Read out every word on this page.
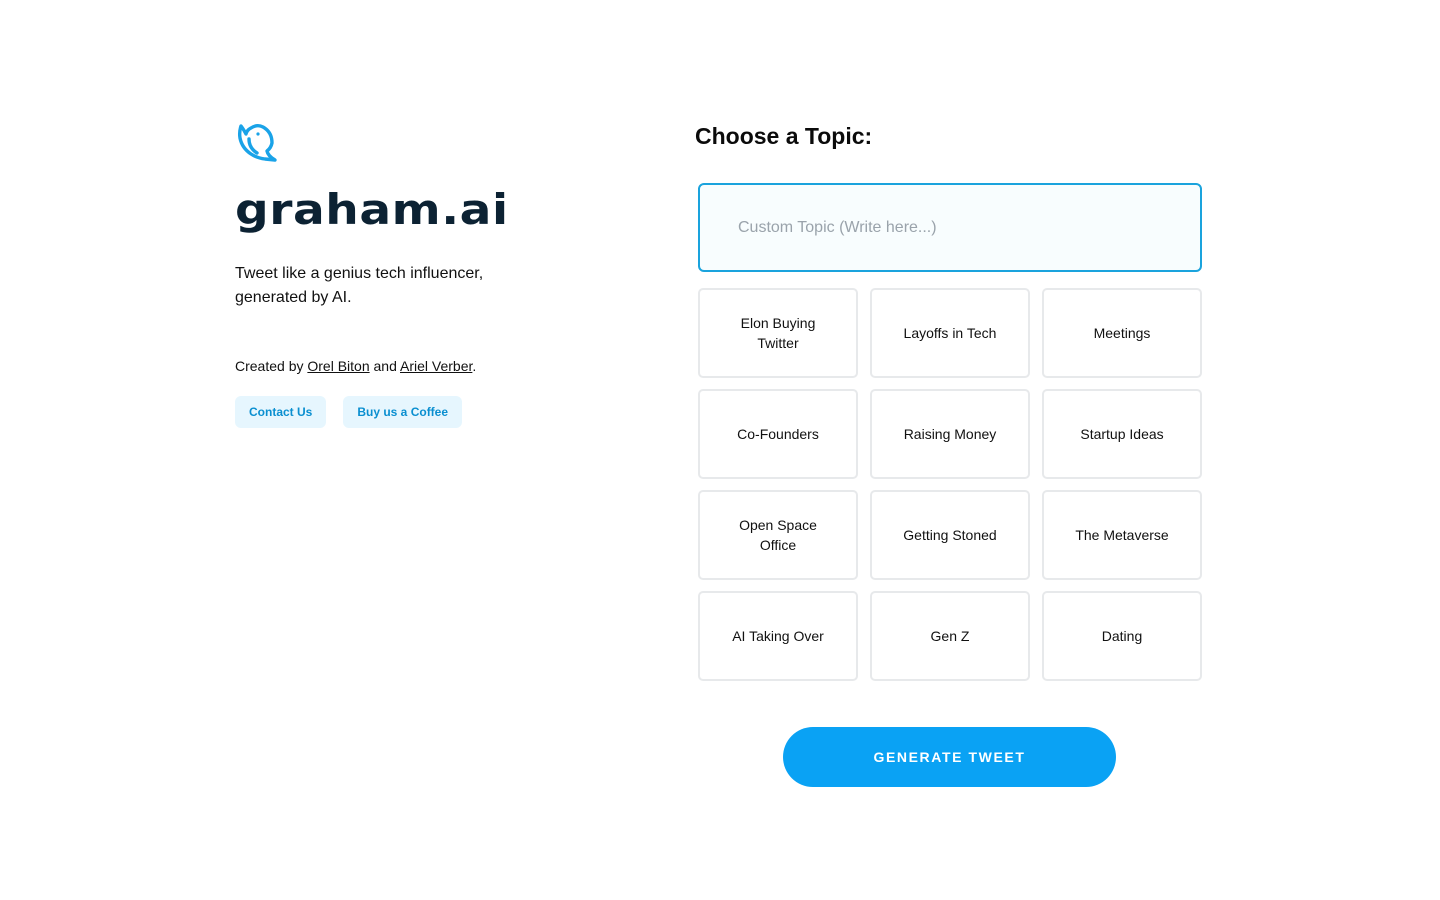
graham.ai
Tweet like a genius tech influencer, generated by AI.
Created by Orel Biton and Ariel Verber.
Contact Us	Buy us a Coffee
Choose a Topic:
Custom Topic (Write here...)
Elon Buying Twitter
Layoffs in Tech	Meetings
Co-Founders	Raising Money	Startup Ideas
Open Space Office
Getting Stoned	The Metaverse
AI Taking Over	Gen Z	Dating
GENERATE TWEET
